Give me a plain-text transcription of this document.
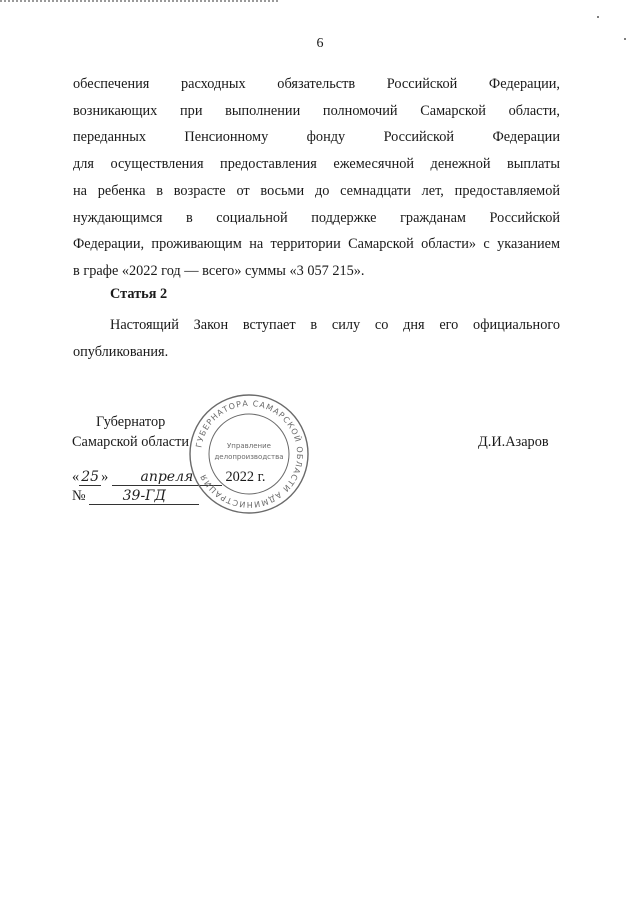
6
обеспечения расходных обязательств Российской Федерации,
возникающих при выполнении полномочий Самарской области,
переданных Пенсионному фонду Российской Федерации
для осуществления предоставления ежемесячной денежной выплаты
на ребенка в возрасте от восьми до семнадцати лет, предоставляемой
нуждающимся в социальной поддержке гражданам Российской
Федерации, проживающим на территории Самарской области» с указанием
в графе «2022 год — всего» суммы «3 057 215».
Статья 2
Настоящий Закон вступает в силу со дня его официального
опубликования.
Губернатор
Самарской области	Д.И.Азаров
« 25 » апреля 2022 г.
№	39-ГД
ГУБЕРНАТОРА САМАРСКОЙ ОБЛАСТИ АДМИНИСТРАЦИЯ
Управление
делопроизводства
